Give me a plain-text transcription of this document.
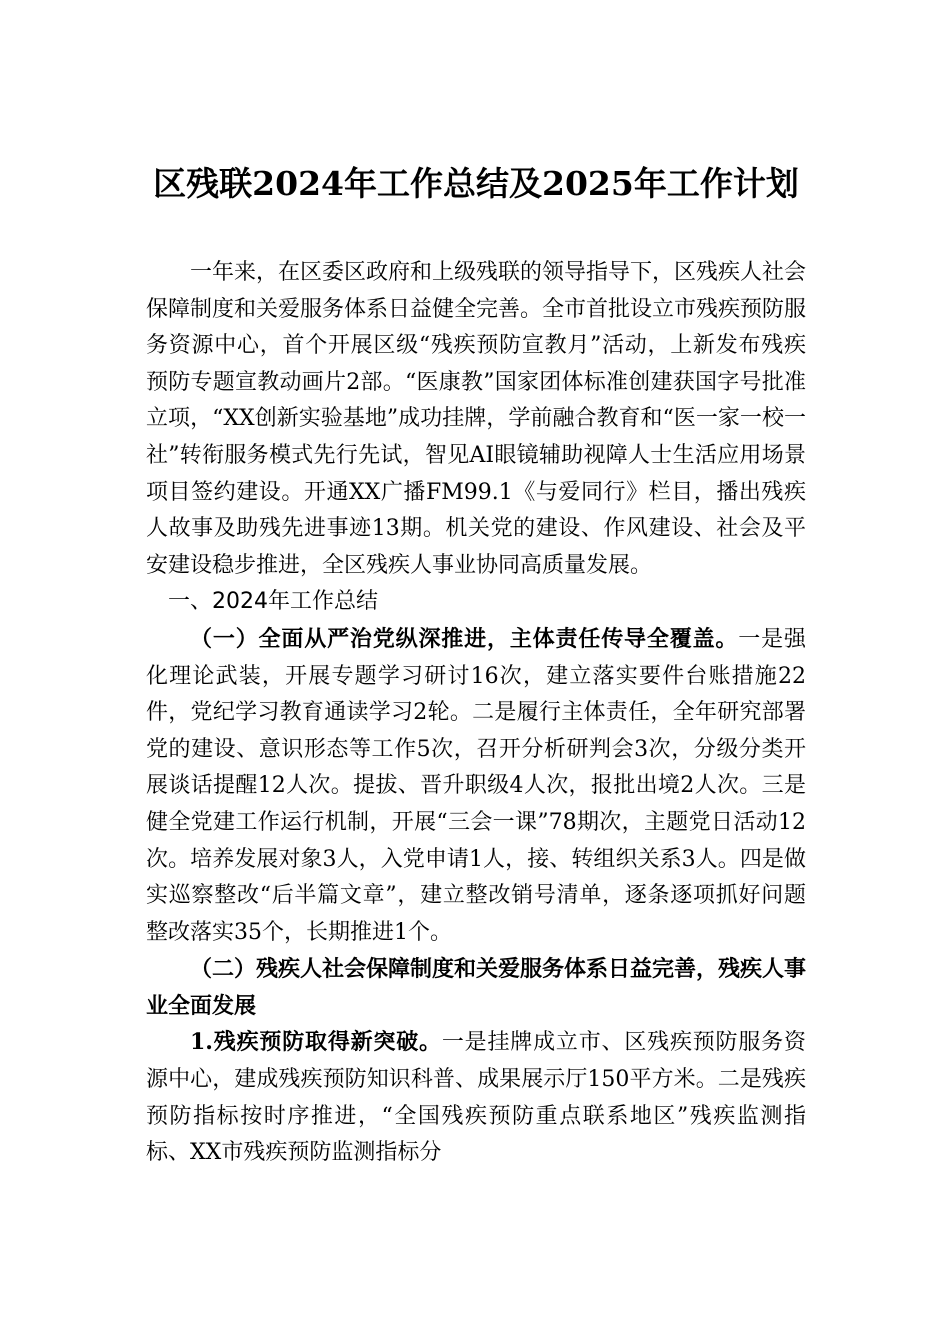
区残联2024年工作总结及2025年工作计划

一年来，在区委区政府和上级残联的领导指导下，区残疾人社会保障制度和关爱服务体系日益健全完善。全市首批设立市残疾预防服务资源中心，首个开展区级“残疾预防宣教月”活动，上新发布残疾预防专题宣教动画片2部。“医康教”国家团体标准创建获国字号批准立项，“XX创新实验基地”成功挂牌，学前融合教育和“医一家一校一社”转衔服务模式先行先试，智见AI眼镜辅助视障人士生活应用场景项目签约建设。开通XX广播FM99.1《与爱同行》栏目，播出残疾人故事及助残先进事迹13期。机关党的建设、作风建设、社会及平安建设稳步推进，全区残疾人事业协同高质量发展。

一、2024年工作总结

（一）全面从严治党纵深推进，主体责任传导全覆盖。一是强化理论武装，开展专题学习研讨16次，建立落实要件台账措施22件，党纪学习教育通读学习2轮。二是履行主体责任，全年研究部署党的建设、意识形态等工作5次，召开分析研判会3次，分级分类开展谈话提醒12人次。提拔、晋升职级4人次，报批出境2人次。三是健全党建工作运行机制，开展“三会一课”78期次，主题党日活动12次。培养发展对象3人，入党申请1人，接、转组织关系3人。四是做实巡察整改“后半篇文章”，建立整改销号清单，逐条逐项抓好问题整改落实35个，长期推进1个。

（二）残疾人社会保障制度和关爱服务体系日益完善，残疾人事业全面发展

1.残疾预防取得新突破。一是挂牌成立市、区残疾预防服务资源中心，建成残疾预防知识科普、成果展示厅150平方米。二是残疾预防指标按时序推进，“全国残疾预防重点联系地区”残疾监测指标、XX市残疾预防监测指标分
